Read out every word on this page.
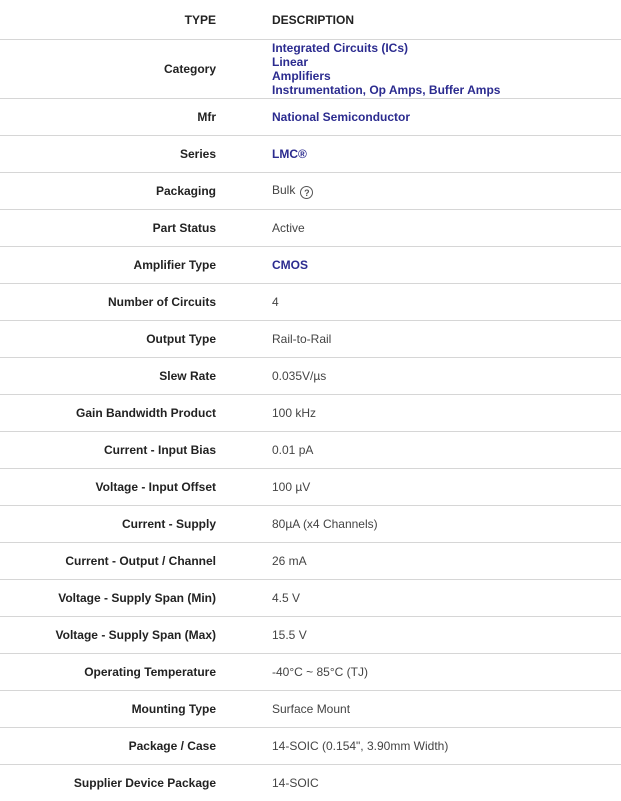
TYPE	DESCRIPTION
Category	Integrated Circuits (ICs)
Linear
Amplifiers
Instrumentation, Op Amps, Buffer Amps

Mfr	National Semiconductor
Series	LMC®
Packaging	Bulk ?
Part Status	Active
Amplifier Type	CMOS
Number of Circuits	4
Output Type	Rail-to-Rail
Slew Rate	0.035V/µs
Gain Bandwidth Product	100 kHz
Current - Input Bias	0.01 pA
Voltage - Input Offset	100 µV
Current - Supply	80µA (x4 Channels)
Current - Output / Channel	26 mA
Voltage - Supply Span (Min)	4.5 V
Voltage - Supply Span (Max)	15.5 V
Operating Temperature	-40°C ~ 85°C (TJ)
Mounting Type	Surface Mount
Package / Case	14-SOIC (0.154", 3.90mm Width)
Supplier Device Package	14-SOIC
